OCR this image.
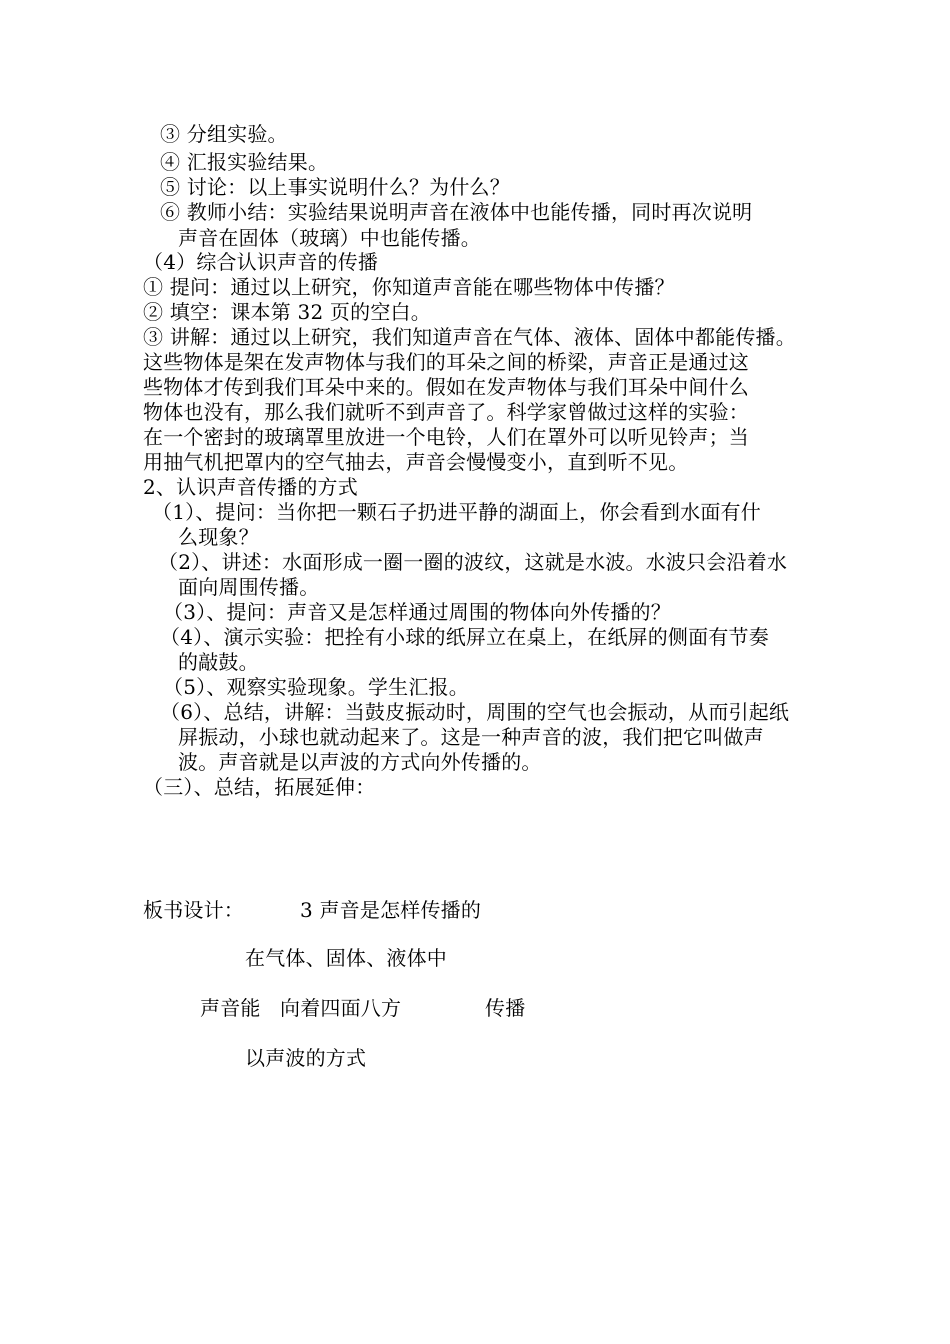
③ 分组实验。
④ 汇报实验结果。
⑤ 讨论：以上事实说明什么？为什么？
⑥ 教师小结：实验结果说明声音在液体中也能传播，同时再次说明
声音在固体（玻璃）中也能传播。
（4）综合认识声音的传播
① 提问：通过以上研究，你知道声音能在哪些物体中传播？
② 填空：课本第 32 页的空白。
③ 讲解：通过以上研究，我们知道声音在气体、液体、固体中都能传播。
这些物体是架在发声物体与我们的耳朵之间的桥梁，声音正是通过这
些物体才传到我们耳朵中来的。假如在发声物体与我们耳朵中间什么
物体也没有，那么我们就听不到声音了。科学家曾做过这样的实验：
在一个密封的玻璃罩里放进一个电铃，人们在罩外可以听见铃声；当
用抽气机把罩内的空气抽去，声音会慢慢变小，直到听不见。
2、认识声音传播的方式
（1）、提问：当你把一颗石子扔进平静的湖面上，你会看到水面有什
么现象？
（2）、讲述：水面形成一圈一圈的波纹，这就是水波。水波只会沿着水
面向周围传播。
（3）、提问：声音又是怎样通过周围的物体向外传播的？
（4）、演示实验：把拴有小球的纸屏立在桌上，在纸屏的侧面有节奏
的敲鼓。
（5）、观察实验现象。学生汇报。
（6）、总结，讲解：当鼓皮振动时，周围的空气也会振动，从而引起纸
屏振动，小球也就动起来了。这是一种声音的波，我们把它叫做声
波。声音就是以声波的方式向外传播的。
（三）、总结，拓展延伸：
板书设计：	3 声音是怎样传播的
在气体、固体、液体中
声音能 向着四面八方	传播
以声波的方式
